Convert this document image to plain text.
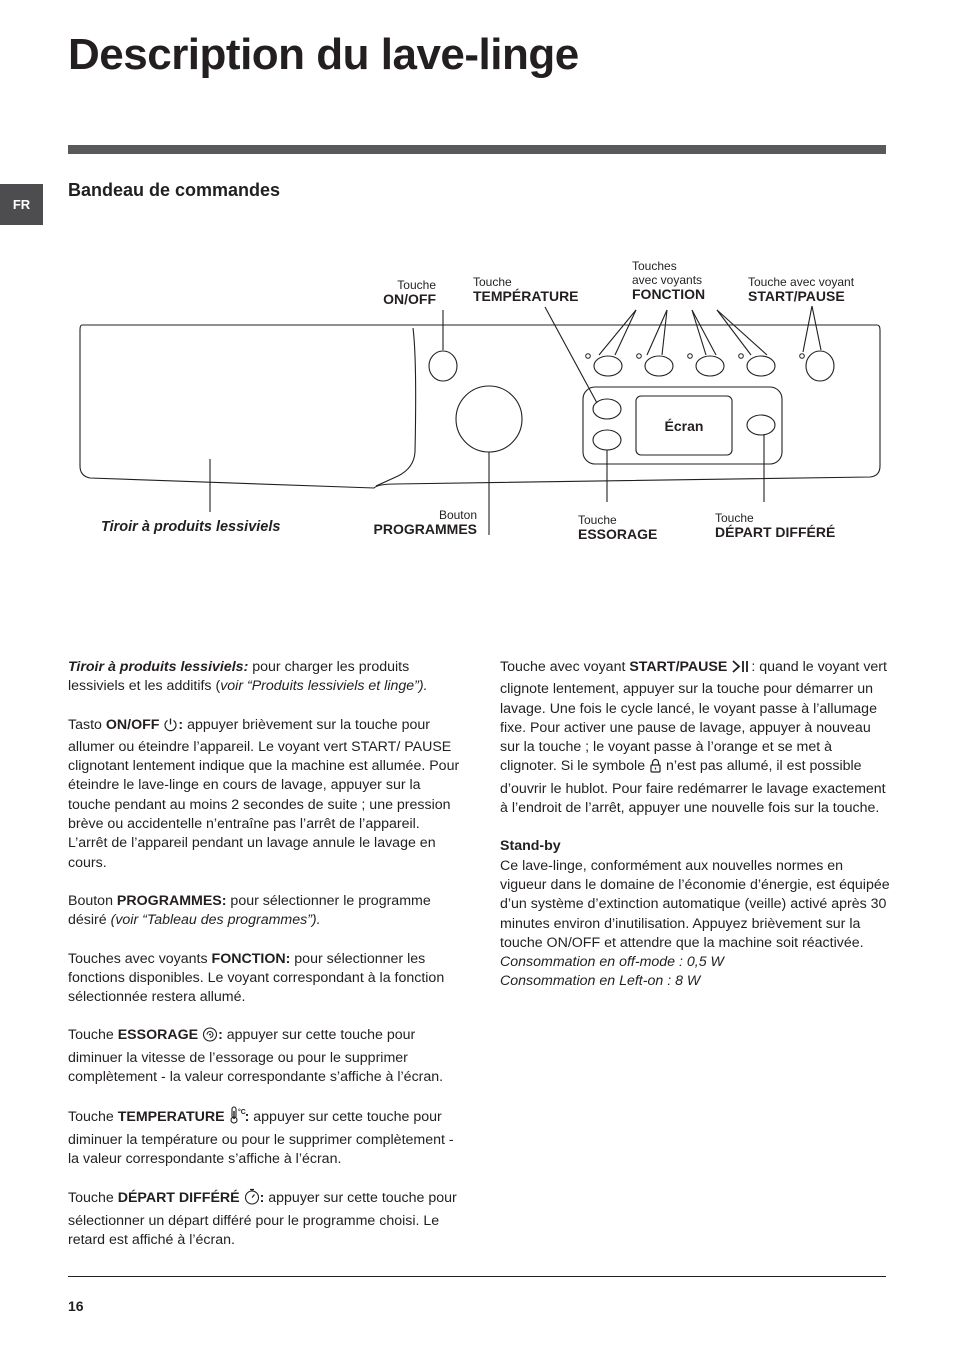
Description du lave-linge
FR
Bandeau de commandes
Écran
Touche
ON/OFF
Touche
TEMPÉRATURE
Touches
avec voyants
FONCTION
Touche avec voyant
START/PAUSE
Tiroir à produits lessiviels
Bouton
PROGRAMMES
Touche
ESSORAGE
Touche
DÉPART DIFFÉRÉ

Tiroir à produits lessiviels: pour charger les produits lessiviels et les additifs (voir “Produits lessiviels et linge”).

Tasto ON/OFF : appuyer brièvement sur la touche pour allumer ou éteindre l’appareil. Le voyant vert START/ PAUSE clignotant lentement indique que la machine est allumée. Pour éteindre le lave-linge en cours de lavage, appuyer sur la touche pendant au moins 2 secondes de suite ; une pression brève ou accidentelle n’entraîne pas l’arrêt de l’appareil. L’arrêt de l’appareil pendant un lavage annule le lavage en cours.

Bouton PROGRAMMES: pour sélectionner le programme désiré (voir “Tableau des programmes”).

Touches avec voyants FONCTION: pour sélectionner les fonctions disponibles. Le voyant correspondant à la fonction sélectionnée restera allumé.

Touche ESSORAGE : appuyer sur cette touche pour diminuer la vitesse de l’essorage ou pour le supprimer complètement - la valeur correspondante s’affiche à l’écran.

Touche TEMPERATURE °C : appuyer sur cette touche pour diminuer la température ou pour le supprimer complètement - la valeur correspondante s’affiche à l’écran.

Touche DÉPART DIFFÉRÉ : appuyer sur cette touche pour sélectionner un départ différé pour le programme choisi. Le retard est affiché à l’écran.

Touche avec voyant START/PAUSE : quand le voyant vert clignote lentement, appuyer sur la touche pour démarrer un lavage. Une fois le cycle lancé, le voyant passe à l’allumage fixe. Pour activer une pause de lavage, appuyer à nouveau sur la touche ; le voyant passe à l’orange et se met à clignoter. Si le symbole  n’est pas allumé, il est possible d’ouvrir le hublot. Pour faire redémarrer le lavage exactement à l’endroit de l’arrêt, appuyer une nouvelle fois sur la touche.

Stand-by
Ce lave-linge, conformément aux nouvelles normes en vigueur dans le domaine de l’économie d’énergie, est équipée d’un système d’extinction automatique (veille) activé après 30 minutes environ d’inutilisation. Appuyez brièvement sur la touche ON/OFF et attendre que la machine soit réactivée.
Consommation en off-mode : 0,5 W
Consommation en Left-on : 8 W

16
